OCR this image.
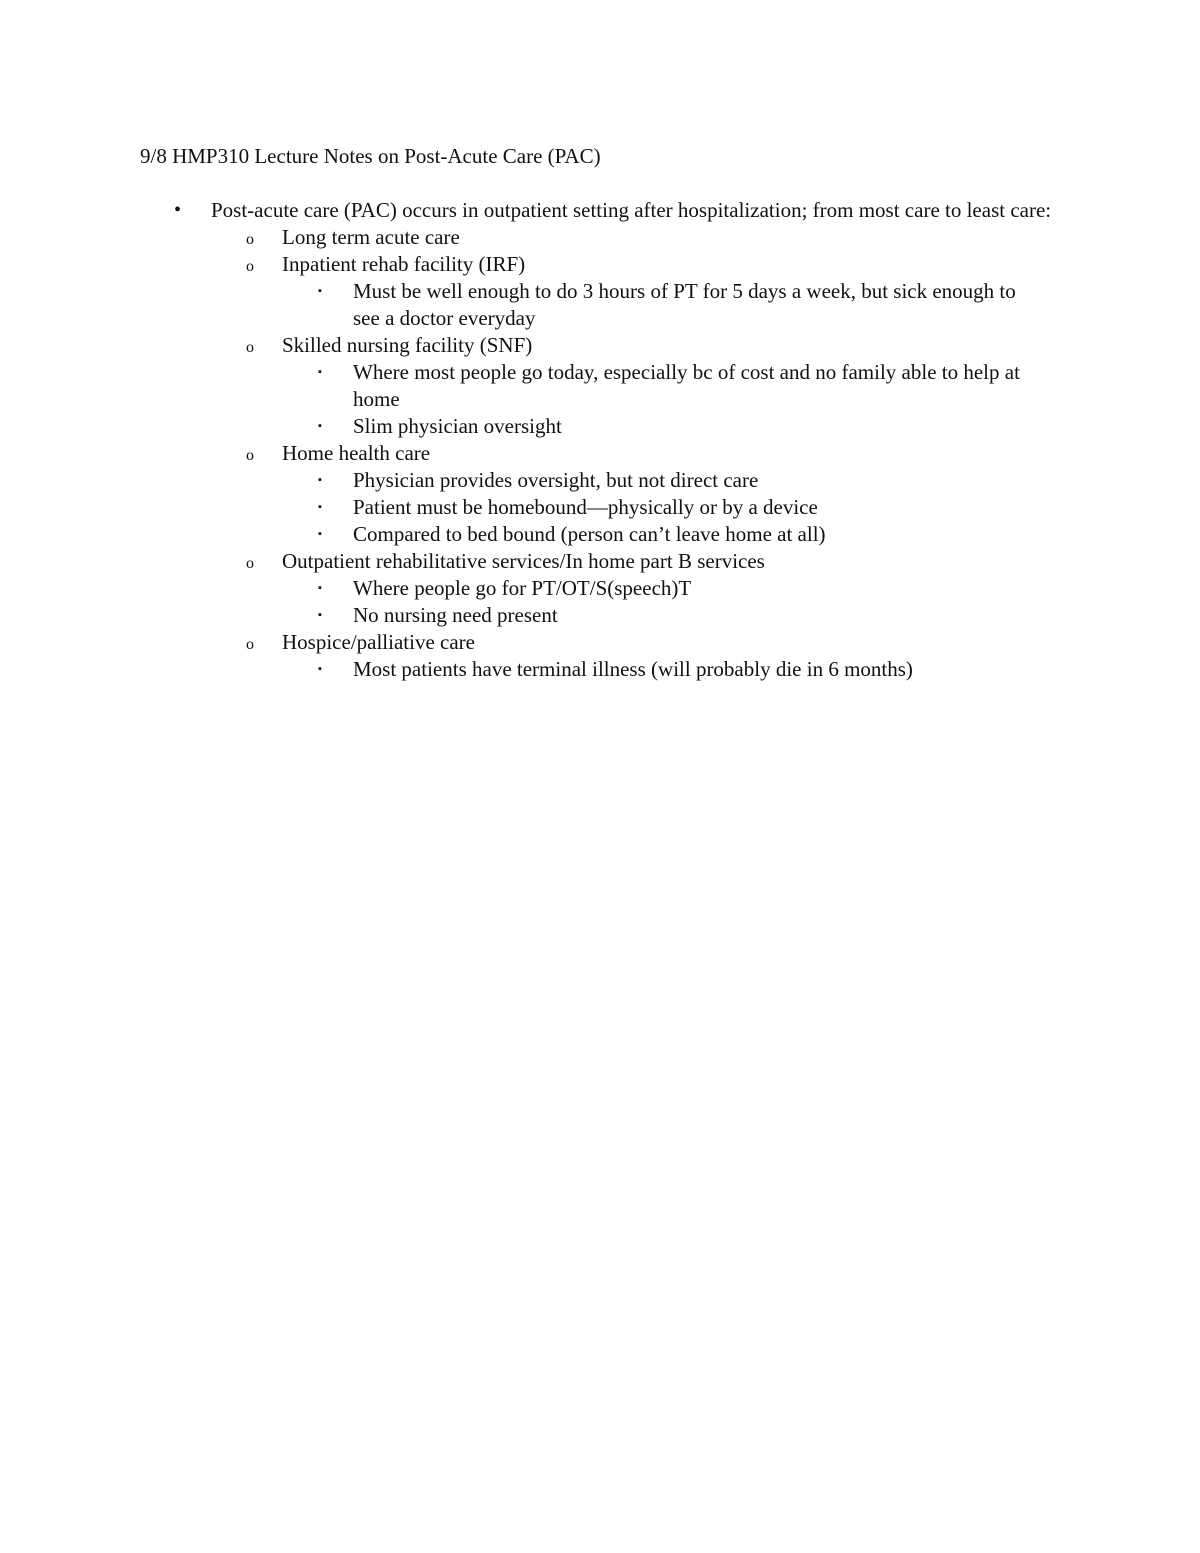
9/8 HMP310 Lecture Notes on Post-Acute Care (PAC)
• Post-acute care (PAC) occurs in outpatient setting after hospitalization; from most care to least care:
o Long term acute care
o Inpatient rehab facility (IRF)
▪ Must be well enough to do 3 hours of PT for 5 days a week, but sick enough to see a doctor everyday
o Skilled nursing facility (SNF)
▪ Where most people go today, especially bc of cost and no family able to help at home
▪ Slim physician oversight
o Home health care
▪ Physician provides oversight, but not direct care
▪ Patient must be homebound—physically or by a device
▪ Compared to bed bound (person can’t leave home at all)
o Outpatient rehabilitative services/In home part B services
▪ Where people go for PT/OT/S(speech)T
▪ No nursing need present
o Hospice/palliative care
▪ Most patients have terminal illness (will probably die in 6 months)
